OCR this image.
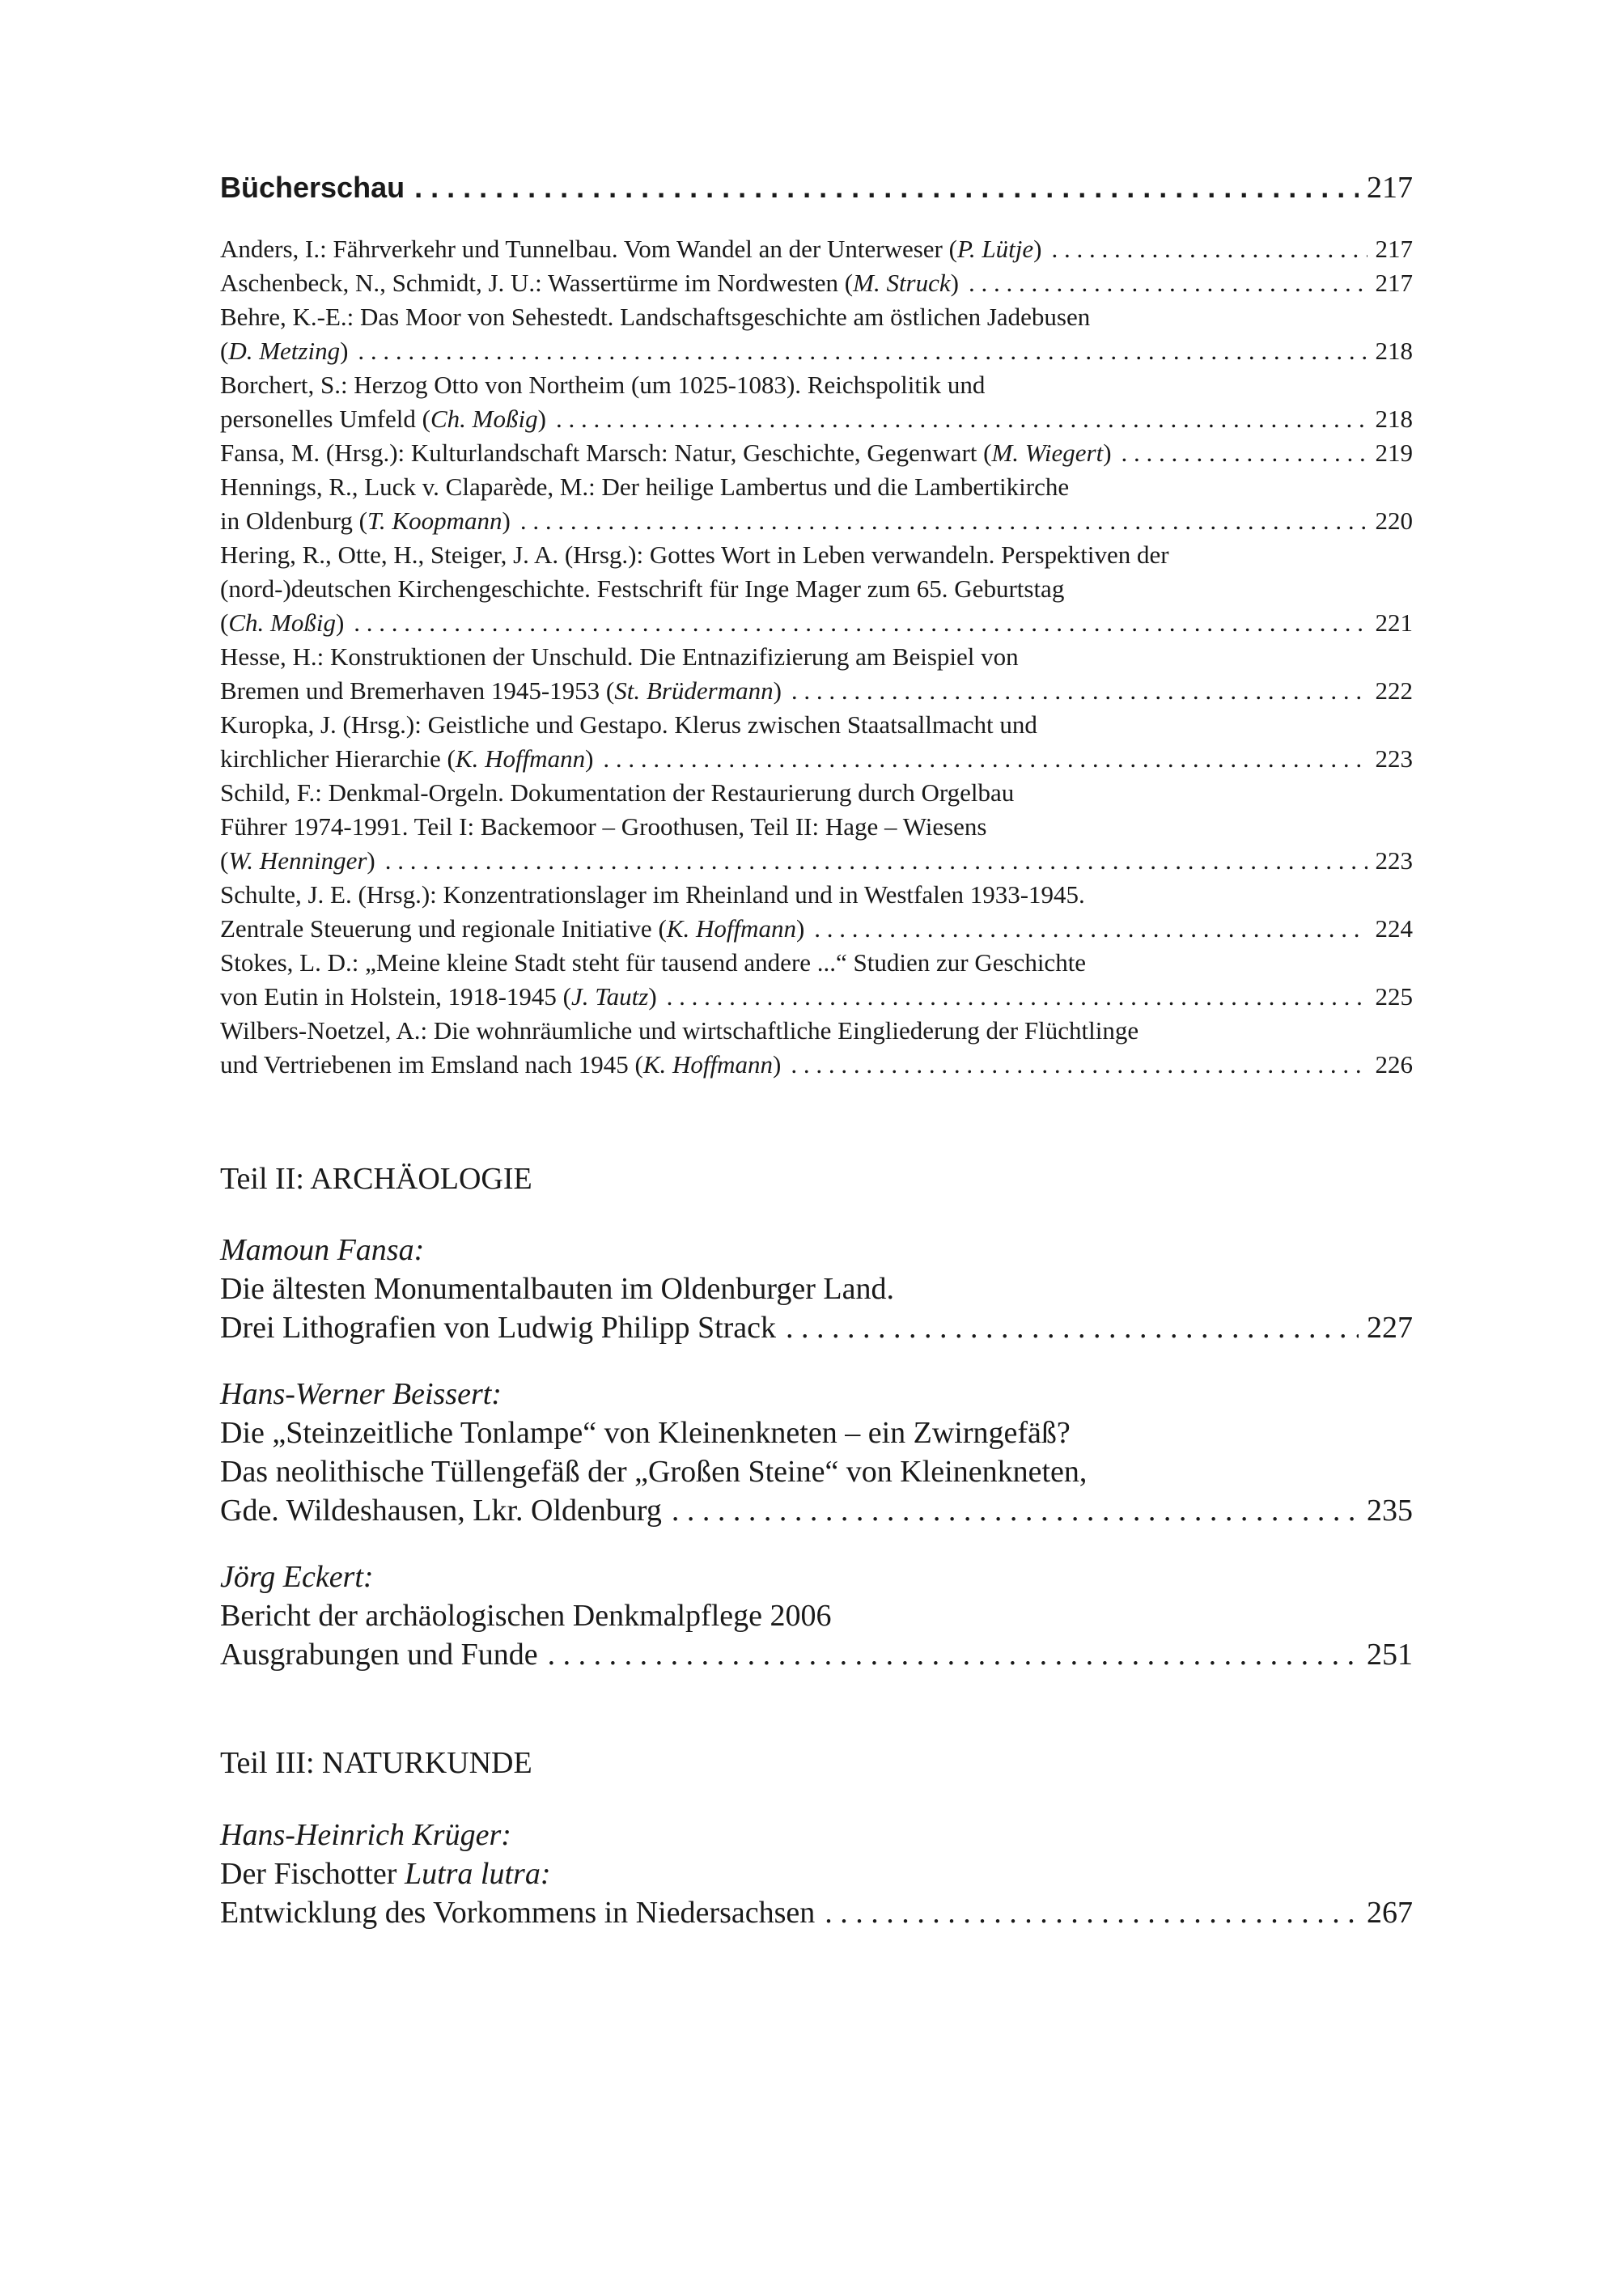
Bücherschau . . .	217
Anders, I.: Fährverkehr und Tunnelbau. Vom Wandel an der Unterweser (P. Lütje) . . .	217
Aschenbeck, N., Schmidt, J. U.: Wassertürme im Nordwesten (M. Struck) . . .	217
Behre, K.-E.: Das Moor von Sehestedt. Landschaftsgeschichte am östlichen Jadebusen
(D. Metzing) . . .	218
Borchert, S.: Herzog Otto von Northeim (um 1025-1083). Reichspolitik und
personelles Umfeld (Ch. Moßig) . . .	218
Fansa, M. (Hrsg.): Kulturlandschaft Marsch: Natur, Geschichte, Gegenwart (M. Wiegert) . . .	219
Hennings, R., Luck v. Claparède, M.: Der heilige Lambertus und die Lambertikirche
in Oldenburg (T. Koopmann) . . .	220
Hering, R., Otte, H., Steiger, J. A. (Hrsg.): Gottes Wort in Leben verwandeln. Perspektiven der
(nord-)deutschen Kirchengeschichte. Festschrift für Inge Mager zum 65. Geburtstag
(Ch. Moßig) . . .	221
Hesse, H.: Konstruktionen der Unschuld. Die Entnazifizierung am Beispiel von
Bremen und Bremerhaven 1945-1953 (St. Brüdermann) . . .	222
Kuropka, J. (Hrsg.): Geistliche und Gestapo. Klerus zwischen Staatsallmacht und
kirchlicher Hierarchie (K. Hoffmann) . . .	223
Schild, F.: Denkmal-Orgeln. Dokumentation der Restaurierung durch Orgelbau
Führer 1974-1991. Teil I: Backemoor – Groothusen, Teil II: Hage – Wiesens
(W. Henninger) . . .	223
Schulte, J. E. (Hrsg.): Konzentrationslager im Rheinland und in Westfalen 1933-1945.
Zentrale Steuerung und regionale Initiative (K. Hoffmann) . . .	224
Stokes, L. D.: „Meine kleine Stadt steht für tausend andere ...“ Studien zur Geschichte
von Eutin in Holstein, 1918-1945 (J. Tautz) . . .	225
Wilbers-Noetzel, A.: Die wohnräumliche und wirtschaftliche Eingliederung der Flüchtlinge
und Vertriebenen im Emsland nach 1945 (K. Hoffmann) . . .	226
Teil II: ARCHÄOLOGIE
Mamoun Fansa:
Die ältesten Monumentalbauten im Oldenburger Land.
Drei Lithografien von Ludwig Philipp Strack . . .	227
Hans-Werner Beissert:
Die „Steinzeitliche Tonlampe“ von Kleinenkneten – ein Zwirngefäß?
Das neolithische Tüllengefäß der „Großen Steine“ von Kleinenkneten,
Gde. Wildeshausen, Lkr. Oldenburg . . .	235
Jörg Eckert:
Bericht der archäologischen Denkmalpflege 2006
Ausgrabungen und Funde . . .	251
Teil III: NATURKUNDE
Hans-Heinrich Krüger:
Der Fischotter Lutra lutra:
Entwicklung des Vorkommens in Niedersachsen . . .	267
